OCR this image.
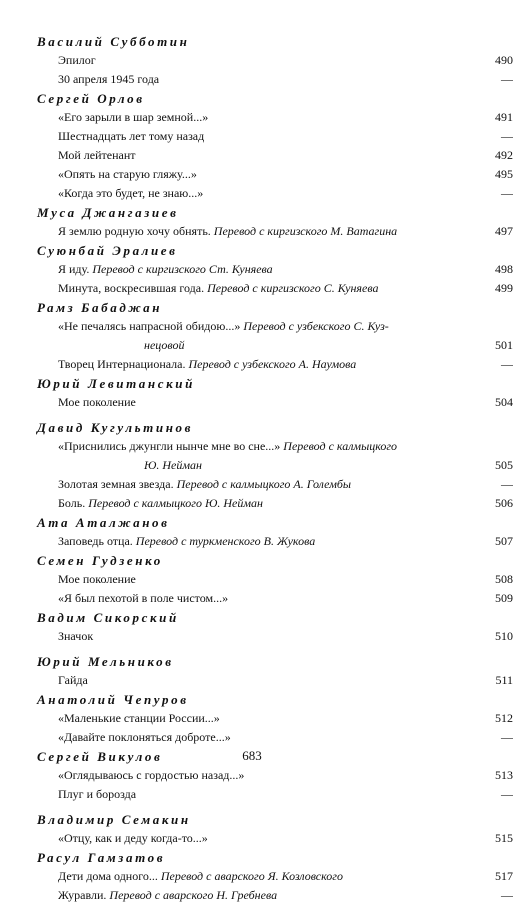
Василий Субботин
Эпилог	490
30 апреля 1945 года	—
Сергей Орлов
«Его зарыли в шар земной...»	491
Шестнадцать лет тому назад	—
Мой лейтенант	492
«Опять на старую гляжу...»	495
«Когда это будет, не знаю...»	—
Муса Джангазиев
Я землю родную хочу обнять. Перевод с киргизского М. Ватагина	497
Суюнбай Эралиев
Я иду. Перевод с киргизского Ст. Куняева	498
Минута, воскресившая года. Перевод с киргизского С. Куняева	499
Рамз Бабаджан
«Не печалясь напрасной обидою...» Перевод с узбекского С. Куз-
нецовой	501
Творец Интернационала. Перевод с узбекского А. Наумова	—
Юрий Левитанский
Мое поколение	504
Давид Кугультинов
«Приснились джунгли нынче мне во сне...» Перевод с калмыцкого
Ю. Нейман	505
Золотая земная звезда. Перевод с калмыцкого А. Голембы	—
Боль. Перевод с калмыцкого Ю. Нейман	506
Ата Аталжанов
Заповедь отца. Перевод с туркменского В. Жукова	507
Семен Гудзенко
Мое поколение	508
«Я был пехотой в поле чистом...»	509
Вадим Сикорский
Значок	510
Юрий Мельников
Гайда	511
Анатолий Чепуров
«Маленькие станции России...»	512
«Давайте поклоняться доброте...»	—
Сергей Викулов
«Оглядываюсь с гордостью назад...»	513
Плуг и борозда	—
Владимир Семакин
«Отцу, как и деду когда-то...»	515
Расул Гамзатов
Дети дома одного... Перевод с аварского Я. Козловского	517
Журавли. Перевод с аварского Н. Гребнева	—
683
